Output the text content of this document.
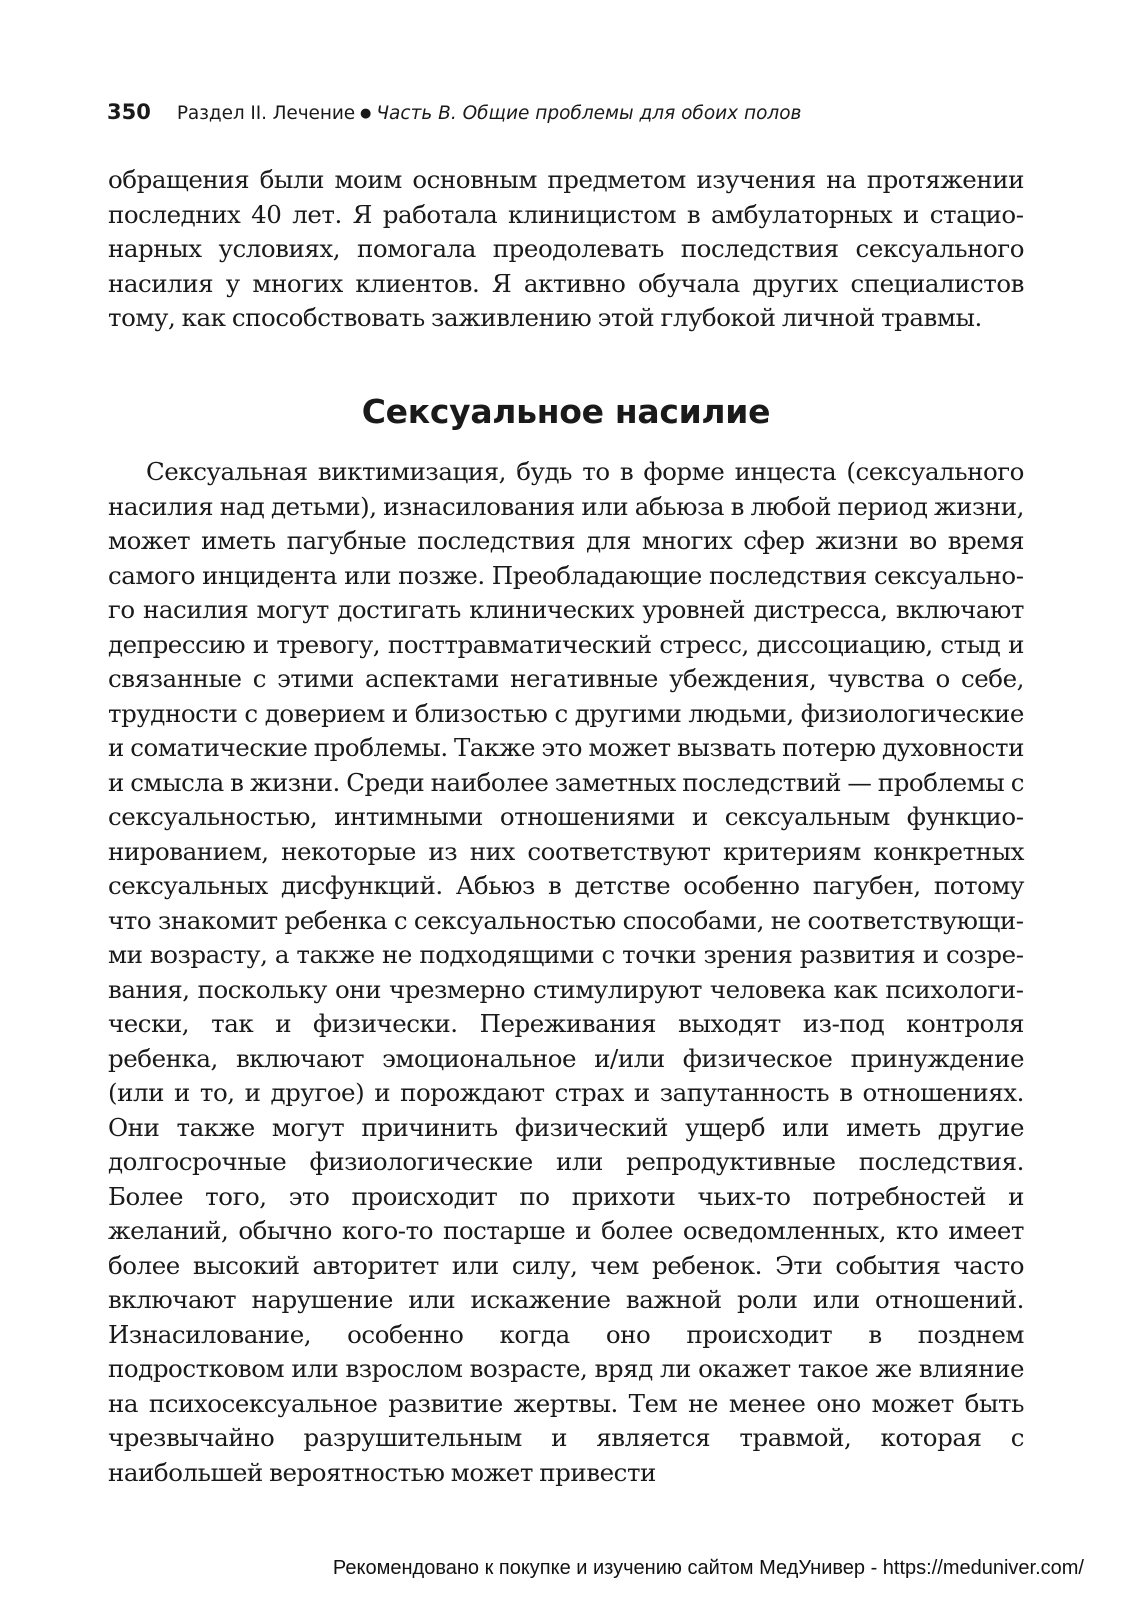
350 Раздел II. Лечение ● Часть B. Общие проблемы для обоих полов

обращения были моим основным предметом изучения на протяжении последних 40 лет. Я работала клиницистом в амбулаторных и стационарных условиях, помогала преодолевать последствия сексуального насилия у многих клиентов. Я активно обучала других специалистов тому, как способствовать заживлению этой глубокой личной травмы.

Сексуальное насилие

Сексуальная виктимизация, будь то в форме инцеста (сексуального насилия над детьми), изнасилования или абьюза в любой период жизни, может иметь пагубные последствия для многих сфер жизни во время самого инцидента или позже. Преобладающие последствия сексуального насилия могут достигать клинических уровней дистресса, включают депрессию и тревогу, посттравматический стресс, диссоциацию, стыд и связанные с этими аспектами негативные убеждения, чувства о себе, трудности с доверием и близостью с другими людьми, физиологические и соматические проблемы. Также это может вызвать потерю духовности и смысла в жизни. Среди наиболее заметных последствий — проблемы с сексуальностью, интимными отношениями и сексуальным функционированием, некоторые из них соответствуют критериям конкретных сексуальных дисфункций. Абьюз в детстве особенно пагубен, потому что знакомит ребенка с сексуальностью способами, не соответствующими возрасту, а также не подходящими с точки зрения развития и созревания, поскольку они чрезмерно стимулируют человека как психологически, так и физически. Переживания выходят из-под контроля ребенка, включают эмоциональное и/или физическое принуждение (или и то, и другое) и порождают страх и запутанность в отношениях. Они также могут причинить физический ущерб или иметь другие долгосрочные физиологические или репродуктивные последствия. Более того, это происходит по прихоти чьих-то потребностей и желаний, обычно кого-то постарше и более осведомленных, кто имеет более высокий авторитет или силу, чем ребенок. Эти события часто включают нарушение или искажение важной роли или отношений. Изнасилование, особенно когда оно происходит в позднем подростковом или взрослом возрасте, вряд ли окажет такое же влияние на психосексуальное развитие жертвы. Тем не менее оно может быть чрезвычайно разрушительным и является травмой, которая с наибольшей вероятностью может привести

Рекомендовано к покупке и изучению сайтом МедУнивер - https://meduniver.com/
